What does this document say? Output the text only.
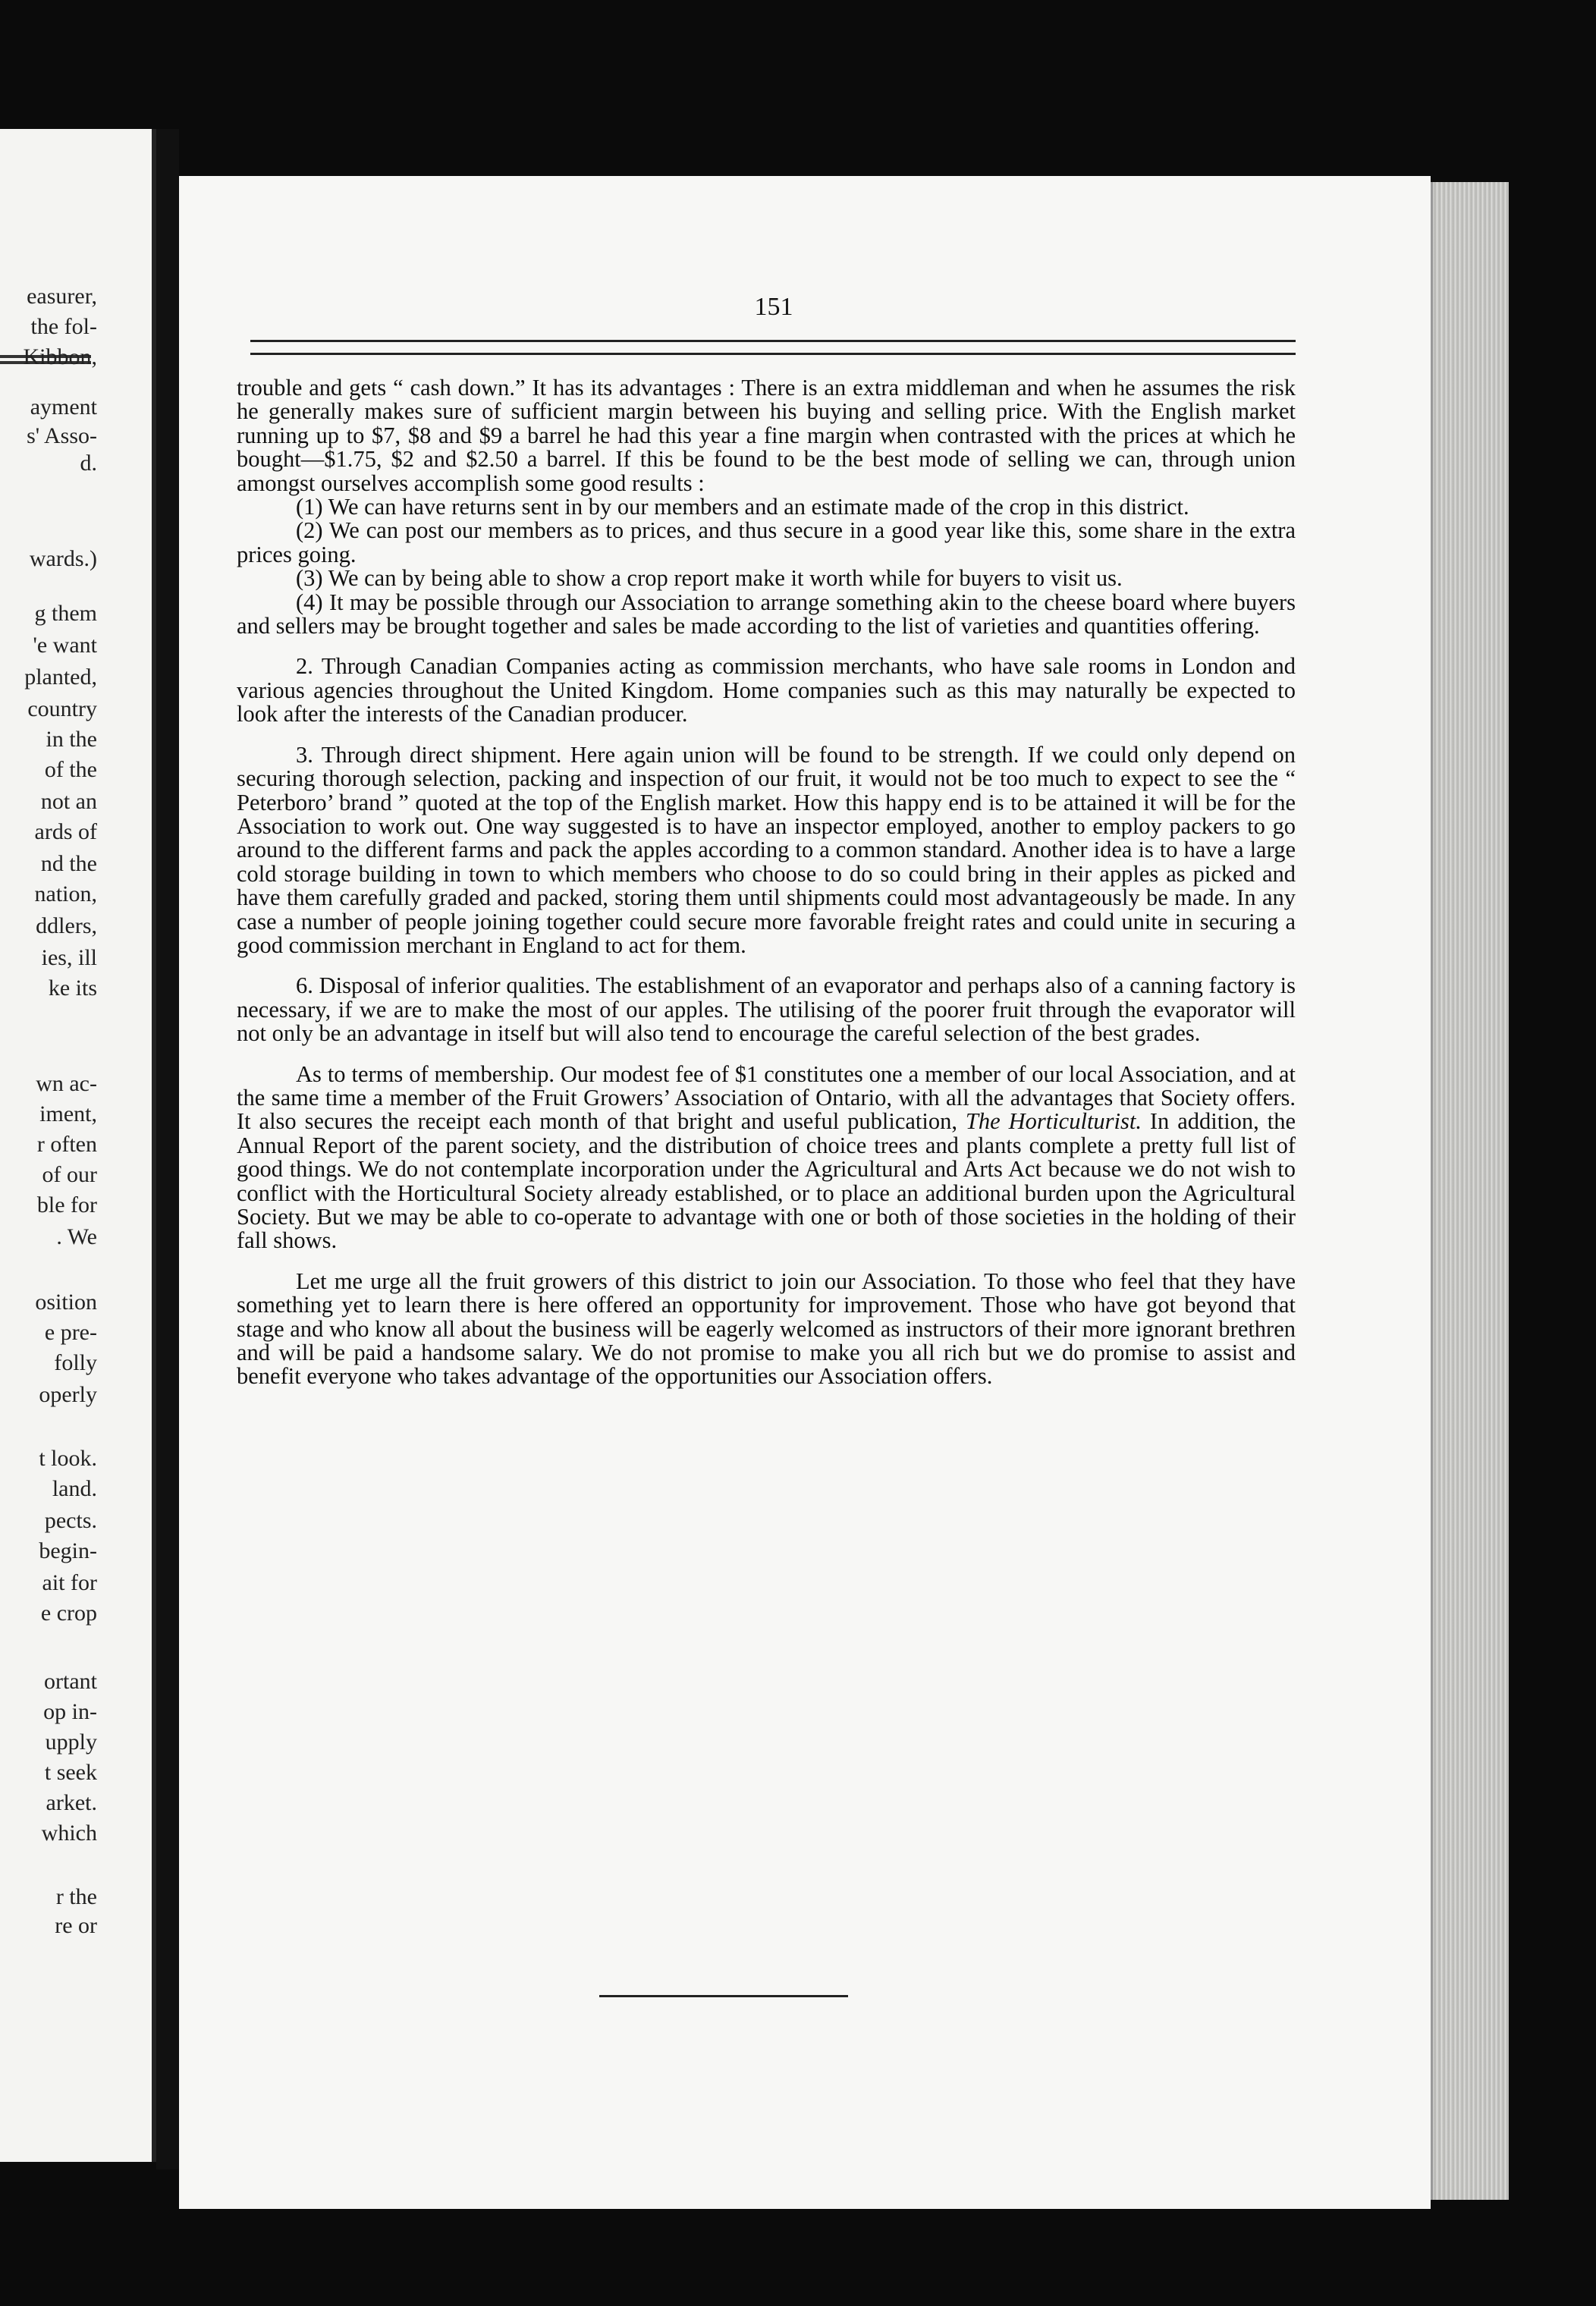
easurer,
the fol-
Kibbon,
ayment
s' Asso-
d.
wards.)
g them
'e want
planted,
country
in the
of the
not an
ards of
nd the
nation,
ddlers,
ies, ill
ke its
wn ac-
iment,
r often
of our
ble for
. We
osition
e pre-
folly
operly
t look.
land.
pects.
begin-
ait for
e crop
ortant
op in-
upply
t seek
arket.
which
r the
re or
151

trouble and gets “ cash down.” It has its advantages : There is an extra middleman and when he assumes the risk he generally makes sure of sufficient margin between his buying and selling price. With the English market running up to $7, $8 and $9 a barrel he had this year a fine margin when contrasted with the prices at which he bought—$1.75, $2 and $2.50 a barrel. If this be found to be the best mode of selling we can, through union amongst ourselves accomplish some good results :

(1) We can have returns sent in by our members and an estimate made of the crop in this district.

(2) We can post our members as to prices, and thus secure in a good year like this, some share in the extra prices going.

(3) We can by being able to show a crop report make it worth while for buyers to visit us.

(4) It may be possible through our Association to arrange something akin to the cheese board where buyers and sellers may be brought together and sales be made according to the list of varieties and quantities offering.

2. Through Canadian Companies acting as commission merchants, who have sale rooms in London and various agencies throughout the United Kingdom. Home companies such as this may naturally be expected to look after the interests of the Canadian producer.

3. Through direct shipment. Here again union will be found to be strength. If we could only depend on securing thorough selection, packing and inspection of our fruit, it would not be too much to expect to see the “ Peterboro’ brand ” quoted at the top of the English market. How this happy end is to be attained it will be for the Association to work out. One way suggested is to have an inspector employed, another to employ packers to go around to the different farms and pack the apples according to a common standard. Another idea is to have a large cold storage building in town to which members who choose to do so could bring in their apples as picked and have them carefully graded and packed, storing them until shipments could most advantageously be made. In any case a number of people joining together could secure more favorable freight rates and could unite in securing a good commission merchant in England to act for them.

6. Disposal of inferior qualities. The establishment of an evaporator and perhaps also of a canning factory is necessary, if we are to make the most of our apples. The utilising of the poorer fruit through the evaporator will not only be an advantage in itself but will also tend to encourage the careful selection of the best grades.

As to terms of membership. Our modest fee of $1 constitutes one a member of our local Association, and at the same time a member of the Fruit Growers’ Association of Ontario, with all the advantages that Society offers. It also secures the receipt each month of that bright and useful publication, The Horticulturist. In addition, the Annual Report of the parent society, and the distribution of choice trees and plants complete a pretty full list of good things. We do not contemplate incorporation under the Agricultural and Arts Act because we do not wish to conflict with the Horticultural Society already established, or to place an additional burden upon the Agricultural Society. But we may be able to co-operate to advantage with one or both of those societies in the holding of their fall shows.

Let me urge all the fruit growers of this district to join our Association. To those who feel that they have something yet to learn there is here offered an opportunity for improvement. Those who have got beyond that stage and who know all about the business will be eagerly welcomed as instructors of their more ignorant brethren and will be paid a handsome salary. We do not promise to make you all rich but we do promise to assist and benefit everyone who takes advantage of the opportunities our Association offers.
